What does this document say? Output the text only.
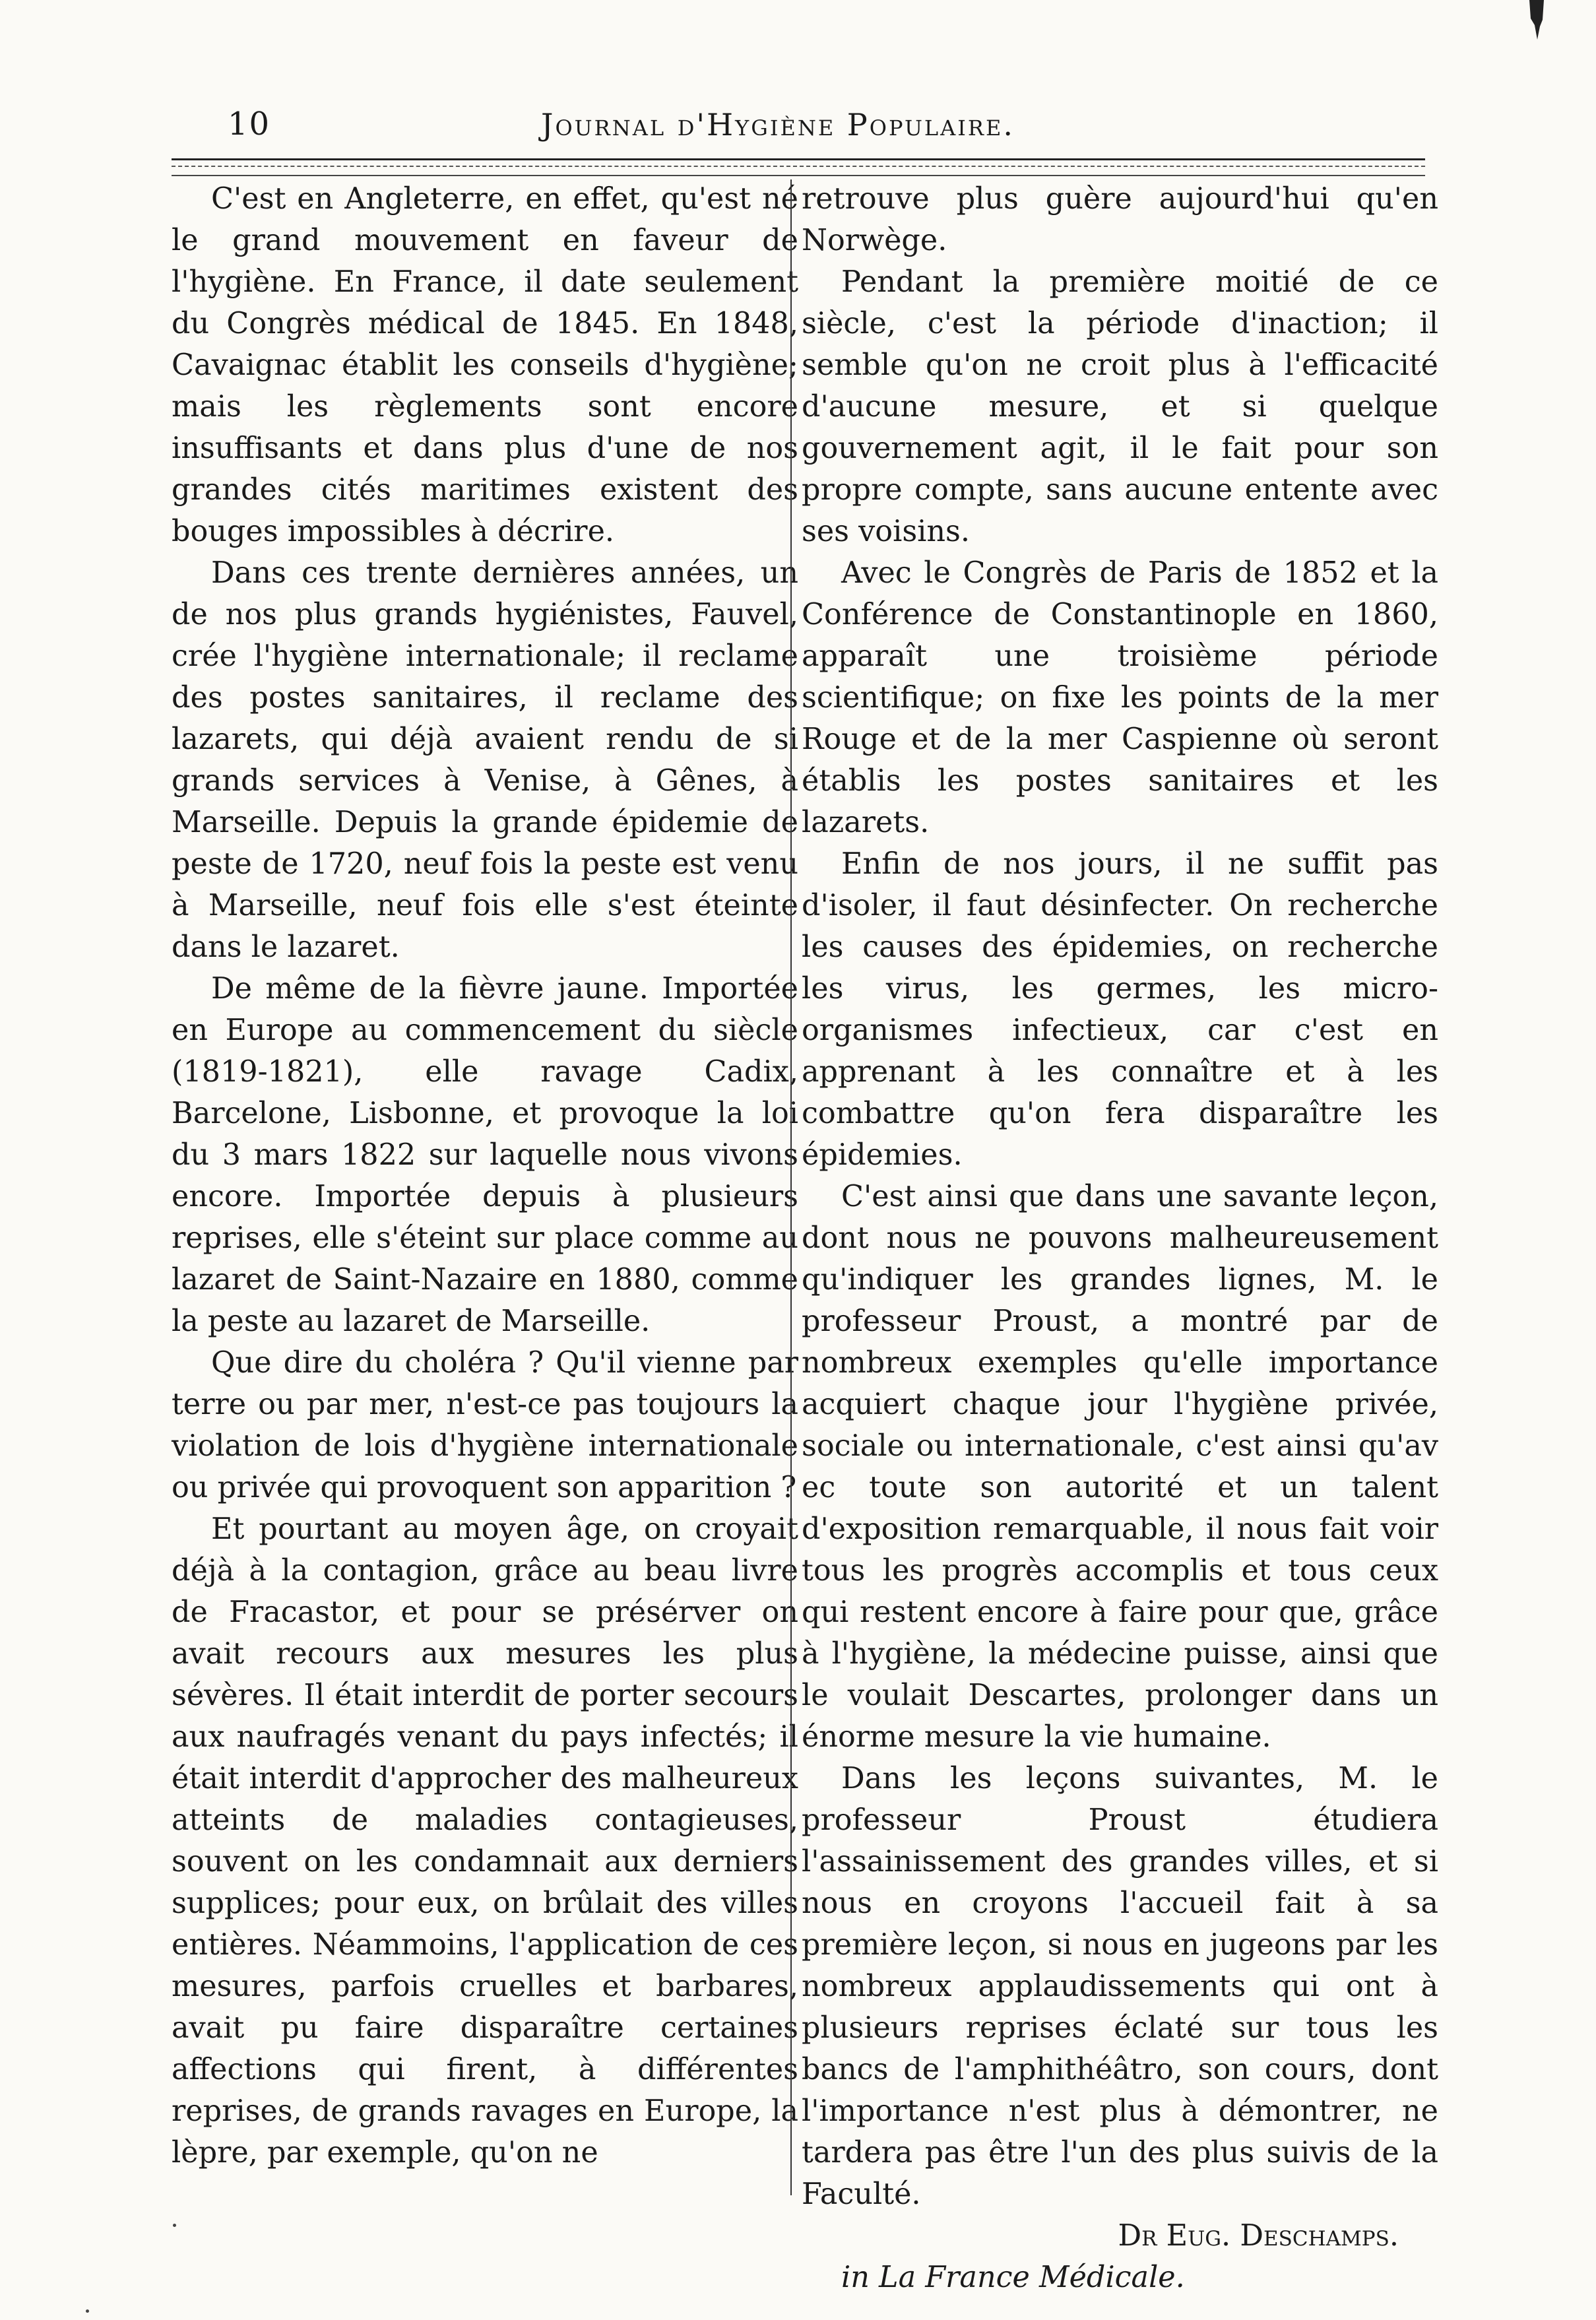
10	Journal d'Hygiène Populaire.

C'est en Angleterre, en effet, qu'est né le grand mouvement en faveur de l'hygiène. En France, il date seulement du Congrès médical de 1845. En 1848, Cavaignac établit les conseils d'hygiène; mais les règlements sont encore insuffisants et dans plus d'une de nos grandes cités maritimes existent des bouges impossibles à décrire.

Dans ces trente dernières années, un de nos plus grands hygiénistes, Fauvel, crée l'hygiène internationale; il reclame des postes sanitaires, il reclame des lazarets, qui déjà avaient rendu de si grands services à Venise, à Gênes, à Marseille. Depuis la grande épidemie de peste de 1720, neuf fois la peste est venu à Marseille, neuf fois elle s'est éteinte dans le lazaret.

De même de la fièvre jaune. Importée en Europe au commencement du siècle (1819-1821), elle ravage Cadix, Barcelone, Lisbonne, et provoque la loi du 3 mars 1822 sur laquelle nous vivons encore. Importée depuis à plusieurs reprises, elle s'éteint sur place comme au lazaret de Saint-Nazaire en 1880, comme la peste au lazaret de Marseille.

Que dire du choléra ? Qu'il vienne par terre ou par mer, n'est-ce pas toujours la violation de lois d'hygiène internationale ou privée qui provoquent son apparition ?

Et pourtant au moyen âge, on croyait déjà à la contagion, grâce au beau livre de Fracastor, et pour se présérver on avait recours aux mesures les plus sévères. Il était interdit de porter secours aux naufragés venant du pays infectés; il était interdit d'approcher des malheureux atteints de maladies contagieuses, souvent on les condamnait aux derniers supplices; pour eux, on brûlait des villes entières. Néammoins, l'application de ces mesures, parfois cruelles et barbares, avait pu faire disparaître certaines affections qui firent, à différentes reprises, de grands ravages en Europe, la lèpre, par exemple, qu'on ne

retrouve plus guère aujourd'hui qu'en Norwège.

Pendant la première moitié de ce siècle, c'est la période d'inaction; il semble qu'on ne croit plus à l'efficacité d'aucune mesure, et si quelque gouvernement agit, il le fait pour son propre compte, sans aucune entente avec ses voisins.

Avec le Congrès de Paris de 1852 et la Conférence de Constantinople en 1860, apparaît une troisième période scientifique; on fixe les points de la mer Rouge et de la mer Caspienne où seront établis les postes sanitaires et les lazarets.

Enfin de nos jours, il ne suffit pas d'isoler, il faut désinfecter. On recherche les causes des épidemies, on recherche les virus, les germes, les micro-organismes infectieux, car c'est en apprenant à les connaître et à les combattre qu'on fera disparaître les épidemies.

C'est ainsi que dans une savante leçon, dont nous ne pouvons malheureusement qu'indiquer les grandes lignes, M. le professeur Proust, a montré par de nombreux exemples qu'elle importance acquiert chaque jour l'hygiène privée, sociale ou internationale, c'est ainsi qu'av ec toute son autorité et un talent d'exposition remarquable, il nous fait voir tous les progrès accomplis et tous ceux qui restent encore à faire pour que, grâce à l'hygiène, la médecine puisse, ainsi que le voulait Descartes, prolonger dans un énorme mesure la vie humaine.

Dans les leçons suivantes, M. le professeur Proust étudiera l'assainissement des grandes villes, et si nous en croyons l'accueil fait à sa première leçon, si nous en jugeons par les nombreux applaudissements qui ont à plusieurs reprises éclaté sur tous les bancs de l'amphithéâtro, son cours, dont l'importance n'est plus à démontrer, ne tardera pas être l'un des plus suivis de la Faculté.

Dr Eug. Deschamps.

in La France Médicale.
